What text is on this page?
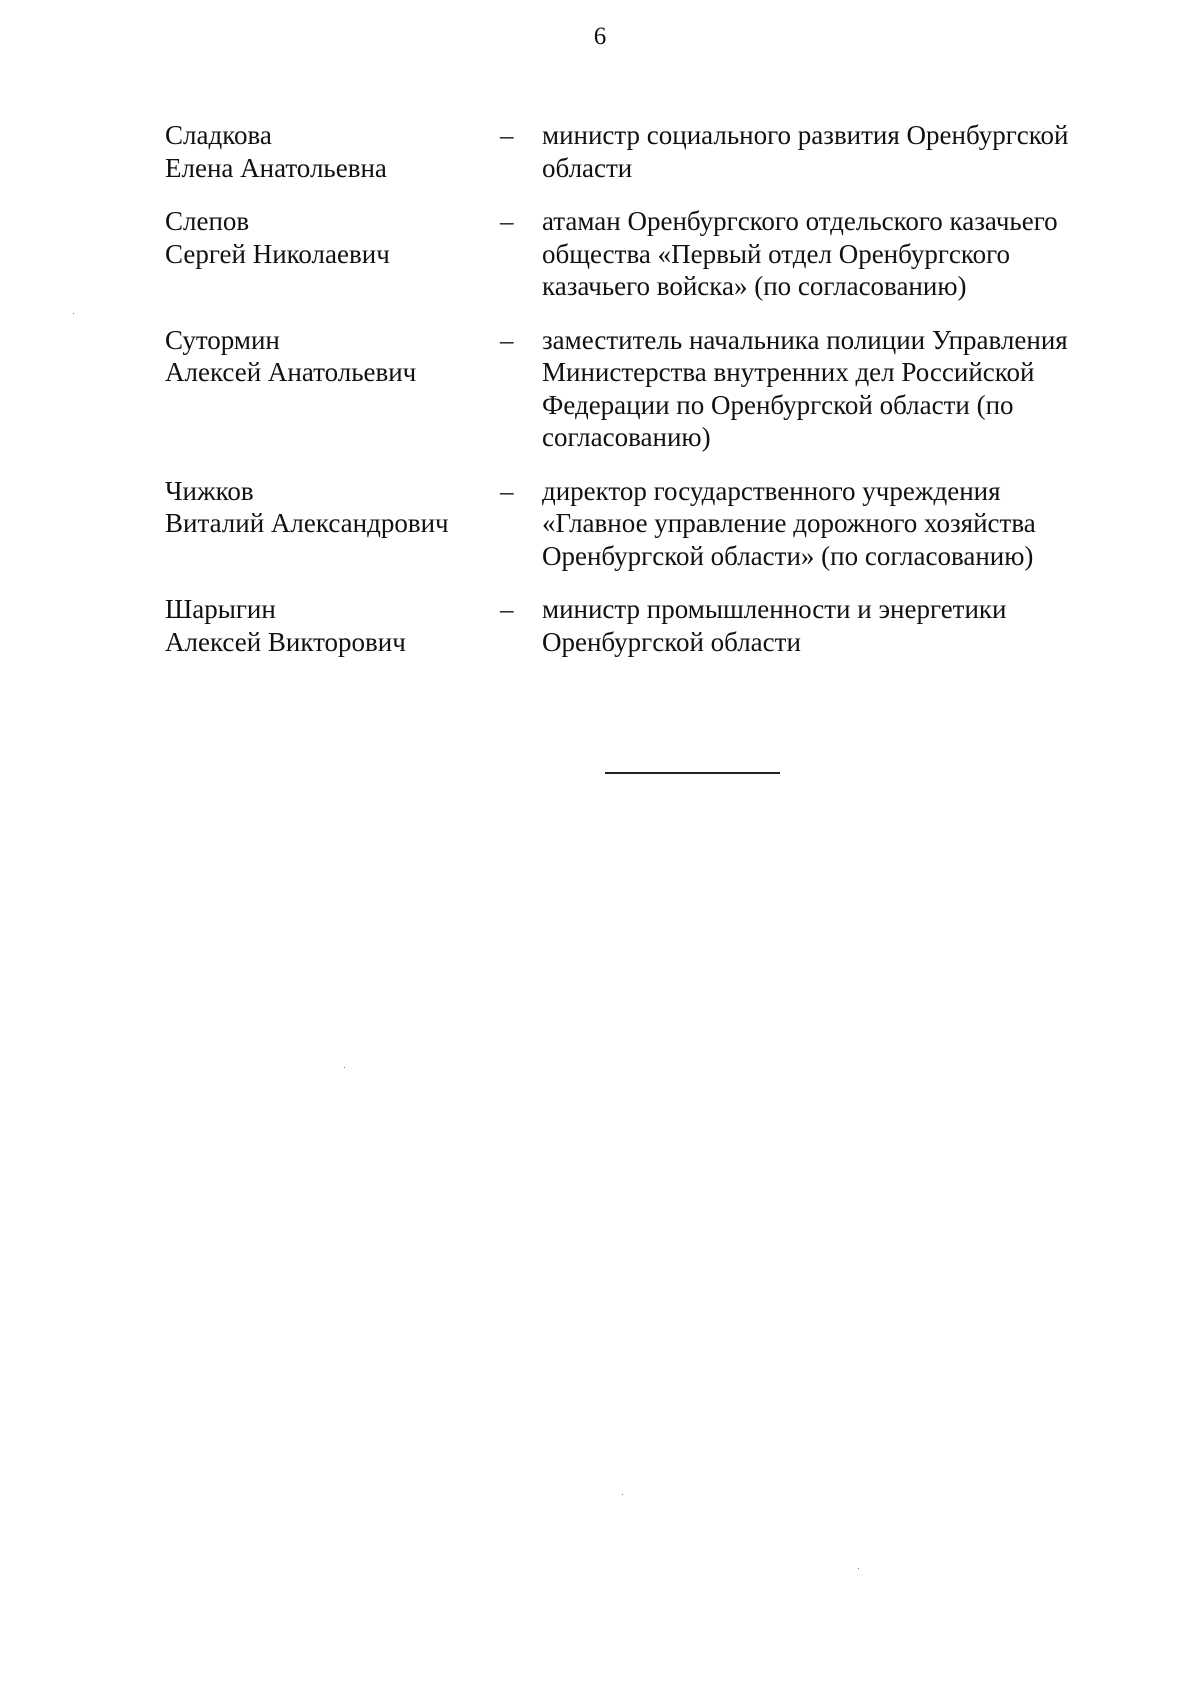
6
Сладкова
Елена Анатольевна
–	министр социального развития Оренбургской области
Слепов
Сергей Николаевич
–	атаман Оренбургского отдельского казачьего общества «Первый отдел Оренбургского казачьего войска» (по согласованию)
Сутормин
Алексей Анатольевич
–	заместитель начальника полиции Управления Министерства внутренних дел Российской Федерации по Оренбургской области (по согласованию)
Чижков
Виталий Александрович
–	директор государственного учреждения «Главное управление дорожного хозяйства Оренбургской области» (по согласованию)
Шарыгин
Алексей Викторович
–	министр промышленности и энергетики Оренбургской области
